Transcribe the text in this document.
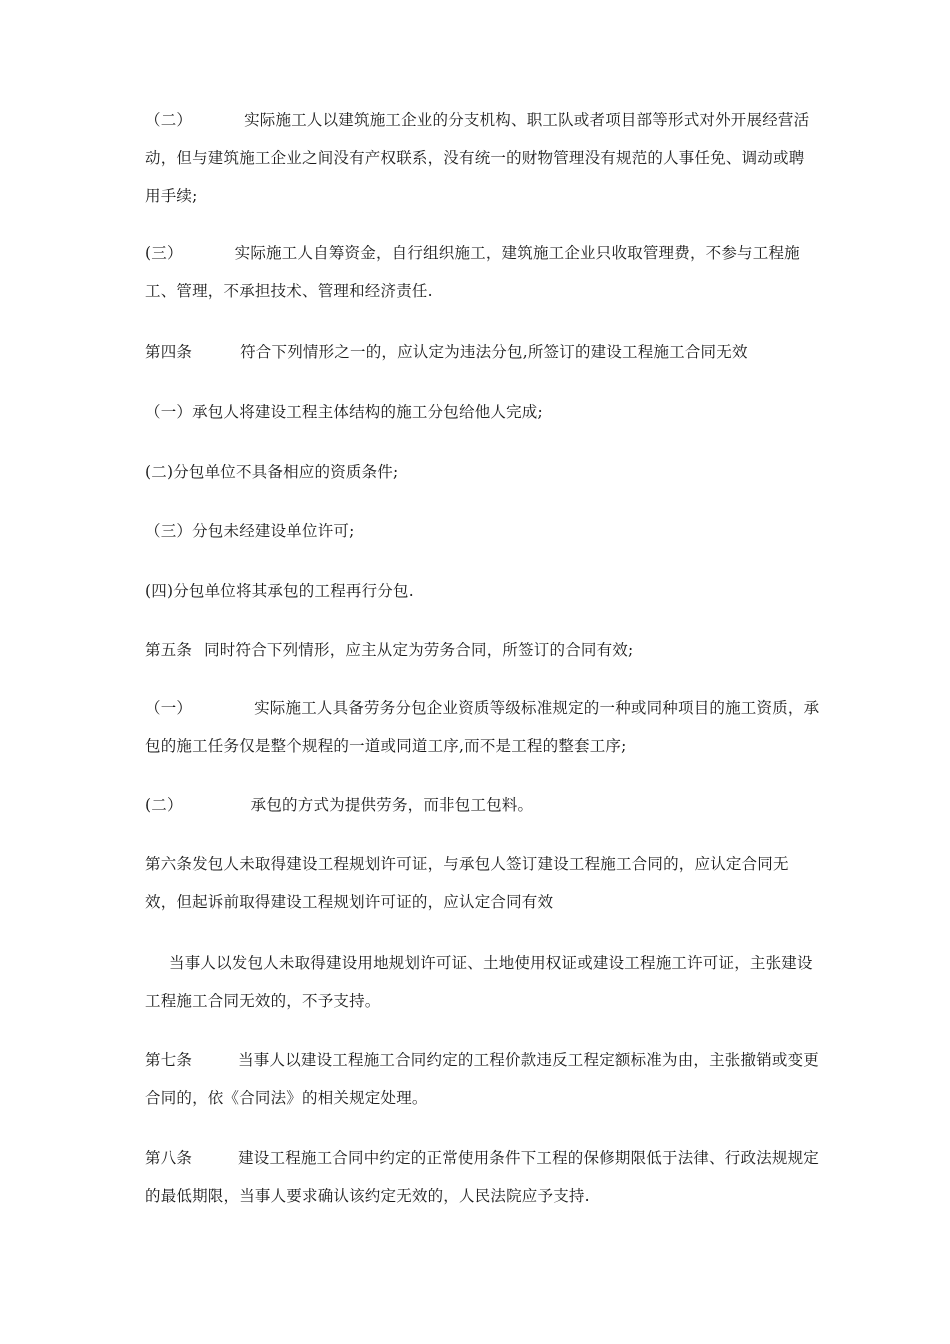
（二）	实际施工人以建筑施工企业的分支机构、职工队或者项目部等形式对外开展经营活动，但与建筑施工企业之间没有产权联系，没有统一的财物管理没有规范的人事任免、调动或聘用手续;

(三）	实际施工人自筹资金，自行组织施工，建筑施工企业只收取管理费，不参与工程施工、管理，不承担技术、管理和经济责任.

第四条	符合下列情形之一的，应认定为违法分包,所签订的建设工程施工合同无效

（一）承包人将建设工程主体结构的施工分包给他人完成;

(二)分包单位不具备相应的资质条件;

（三）分包未经建设单位许可;

(四)分包单位将其承包的工程再行分包.

第五条 同时符合下列情形，应主从定为劳务合同，所签订的合同有效;

（一）	实际施工人具备劳务分包企业资质等级标准规定的一种或同种项目的施工资质，承包的施工任务仅是整个规程的一道或同道工序,而不是工程的整套工序;

(二）	承包的方式为提供劳务，而非包工包料。

第六条发包人未取得建设工程规划许可证，与承包人签订建设工程施工合同的，应认定合同无效，但起诉前取得建设工程规划许可证的，应认定合同有效

当事人以发包人未取得建设用地规划许可证、土地使用权证或建设工程施工许可证，主张建设工程施工合同无效的，不予支持。

第七条	当事人以建设工程施工合同约定的工程价款违反工程定额标准为由，主张撤销或变更合同的，依《合同法》的相关规定处理。

第八条	建设工程施工合同中约定的正常使用条件下工程的保修期限低于法律、行政法规规定的最低期限，当事人要求确认该约定无效的，人民法院应予支持.
